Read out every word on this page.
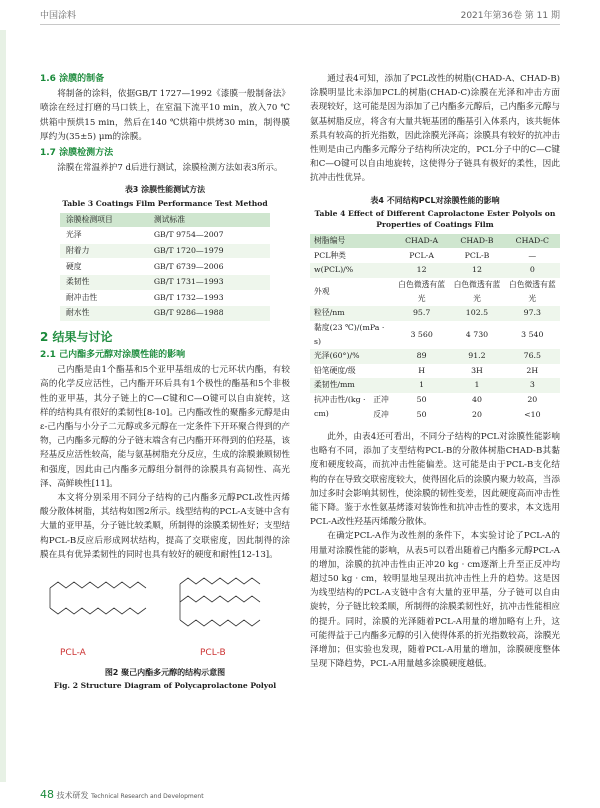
中国涂料	2021年第36卷 第 11 期
1.6 涂膜的制备

将制备的涂料，依据GB/T 1727—1992《漆膜一般制备法》喷涂在经过打磨的马口铁上，在室温下流平10 min，放入70 ℃烘箱中预烘15 min，然后在140 ℃烘箱中烘烤30 min，制得膜厚约为(35±5) μm的涂膜。

1.7 涂膜检测方法

涂膜在常温养护7 d后进行测试，涂膜检测方法如表3所示。

表3 涂膜性能测试方法
Table 3 Coatings Film Performance Test Method
涂膜检测项目	测试标准
光泽	GB/T 9754—2007
附着力	GB/T 1720—1979
硬度	GB/T 6739—2006
柔韧性	GB/T 1731—1993
耐冲击性	GB/T 1732—1993
耐水性	GB/T 9286—1988
2 结果与讨论
2.1 己内酯多元醇对涂膜性能的影响

己内酯是由1个酯基和5个亚甲基组成的七元环状内酯，有较高的化学反应活性，己内酯开环后具有1个极性的酯基和5个非极性的亚甲基，其分子链上的C—C键和C—O键可以自由旋转，这样的结构具有很好的柔韧性[8-10]。己内酯改性的聚酯多元醇是由ε-己内酯与小分子二元醇或多元醇在一定条件下开环聚合得到的产物，己内酯多元醇的分子链末端含有己内酯开环得到的伯羟基，该羟基反应活性较高，能与氨基树脂充分反应，生成的涂膜兼顾韧性和强度，因此由己内酯多元醇组分制得的涂膜具有高韧性、高光泽、高鲜映性[11]。

本文将分别采用不同分子结构的己内酯多元醇PCL改性丙烯酸分散体树脂，其结构如图2所示。线型结构的PCL-A支链中含有大量的亚甲基，分子链比较柔顺，所制得的涂膜柔韧性好；支型结构PCL-B反应后形成网状结构，提高了交联密度，因此制得的涂膜在具有优异柔韧性的同时也具有较好的硬度和耐性[12-13]。

PCL-A	PCL-B
图2 聚己内酯多元醇的结构示意图
Fig. 2 Structure Diagram of Polycaprolactone Polyol

通过表4可知，添加了PCL改性的树脂(CHAD-A、CHAD-B)涂膜明显比未添加PCL的树脂(CHAD-C)涂膜在光泽和冲击方面表现较好，这可能是因为添加了己内酯多元醇后，己内酯多元醇与氨基树脂反应，将含有大量共轭基团的酯基引入体系内，该共轭体系具有较高的折光指数，因此涂膜光泽高；涂膜具有较好的抗冲击性则是由己内酯多元醇分子结构所决定的，PCL分子中的C—C键和C—O键可以自由地旋转，这使得分子链具有极好的柔性，因此抗冲击性优异。

表4 不同结构PCL对涂膜性能的影响
Table 4 Effect of Different Caprolactone Ester Polyols on Properties of Coatings Film
树脂编号		CHAD-A	CHAD-B	CHAD-C
PCL种类		PCL-A	PCL-B	—
w(PCL)/%		12	12	0
外观		白色微透有蓝光	白色微透有蓝光	白色微透有蓝光
粒径/nm		95.7	102.5	97.3
黏度(23 ℃)/(mPa · s)		3 560	4 730	3 540
光泽(60°)/%		89	91.2	76.5
铅笔硬度/级		H	3H	2H
柔韧性/mm		1	1	3
抗冲击性/(kg · cm)	正冲	50	40	20
	反冲	50	20	<10

此外，由表4还可看出，不同分子结构的PCL对涂膜性能影响也略有不同，添加了支型结构PCL-B的分散体树脂CHAD-B其黏度和硬度较高，而抗冲击性能偏差。这可能是由于PCL-B支化结构的存在导致交联密度较大，使得固化后的涂膜内聚力较高，当添加过多时会影响其韧性，使涂膜的韧性变差，因此硬度高而冲击性能下降。鉴于水性氨基烤漆对装饰性和抗冲击性的要求，本文选用PCL-A改性羟基丙烯酸分散体。

在确定PCL-A作为改性剂的条件下，本实验讨论了PCL-A的用量对涂膜性能的影响，从表5可以看出随着己内酯多元醇PCL-A的增加，涂膜的抗冲击性由正冲20 kg · cm逐渐上升至正反冲均超过50 kg · cm，较明显地呈现出抗冲击性上升的趋势。这是因为线型结构的PCL-A支链中含有大量的亚甲基，分子链可以自由旋转，分子链比较柔顺，所制得的涂膜柔韧性好，抗冲击性能相应的提升。同时，涂膜的光泽随着PCL-A用量的增加略有上升，这可能得益于己内酯多元醇的引入使得体系的折光指数较高，涂膜光泽增加；但实验也发现，随着PCL-A用量的增加，涂膜硬度整体呈现下降趋势，PCL-A用量越多涂膜硬度越低。

48 技术研发 Technical Research and Development
